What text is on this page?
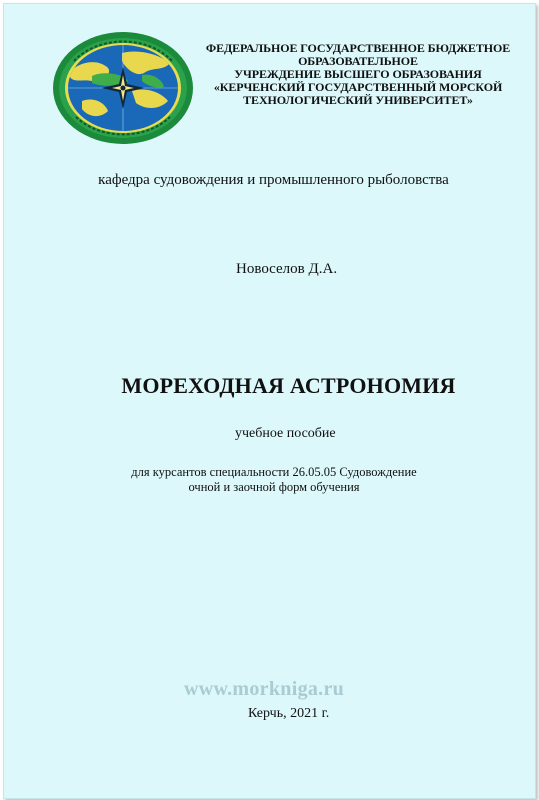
ФЕДЕРАЛЬНОЕ ГОСУДАРСТВЕННОЕ БЮДЖЕТНОЕ
ОБРАЗОВАТЕЛЬНОЕ
УЧРЕЖДЕНИЕ ВЫСШЕГО ОБРАЗОВАНИЯ
«КЕРЧЕНСКИЙ ГОСУДАРСТВЕННЫЙ МОРСКОЙ
ТЕХНОЛОГИЧЕСКИЙ УНИВЕРСИТЕТ»
кафедра судовождения и промышленного рыболовства
Новоселов Д.А.
МОРЕХОДНАЯ АСТРОНОМИЯ
учебное пособие
для курсантов специальности 26.05.05 Судовождение
очной и заочной форм обучения
www.morkniga.ru
Керчь, 2021 г.
